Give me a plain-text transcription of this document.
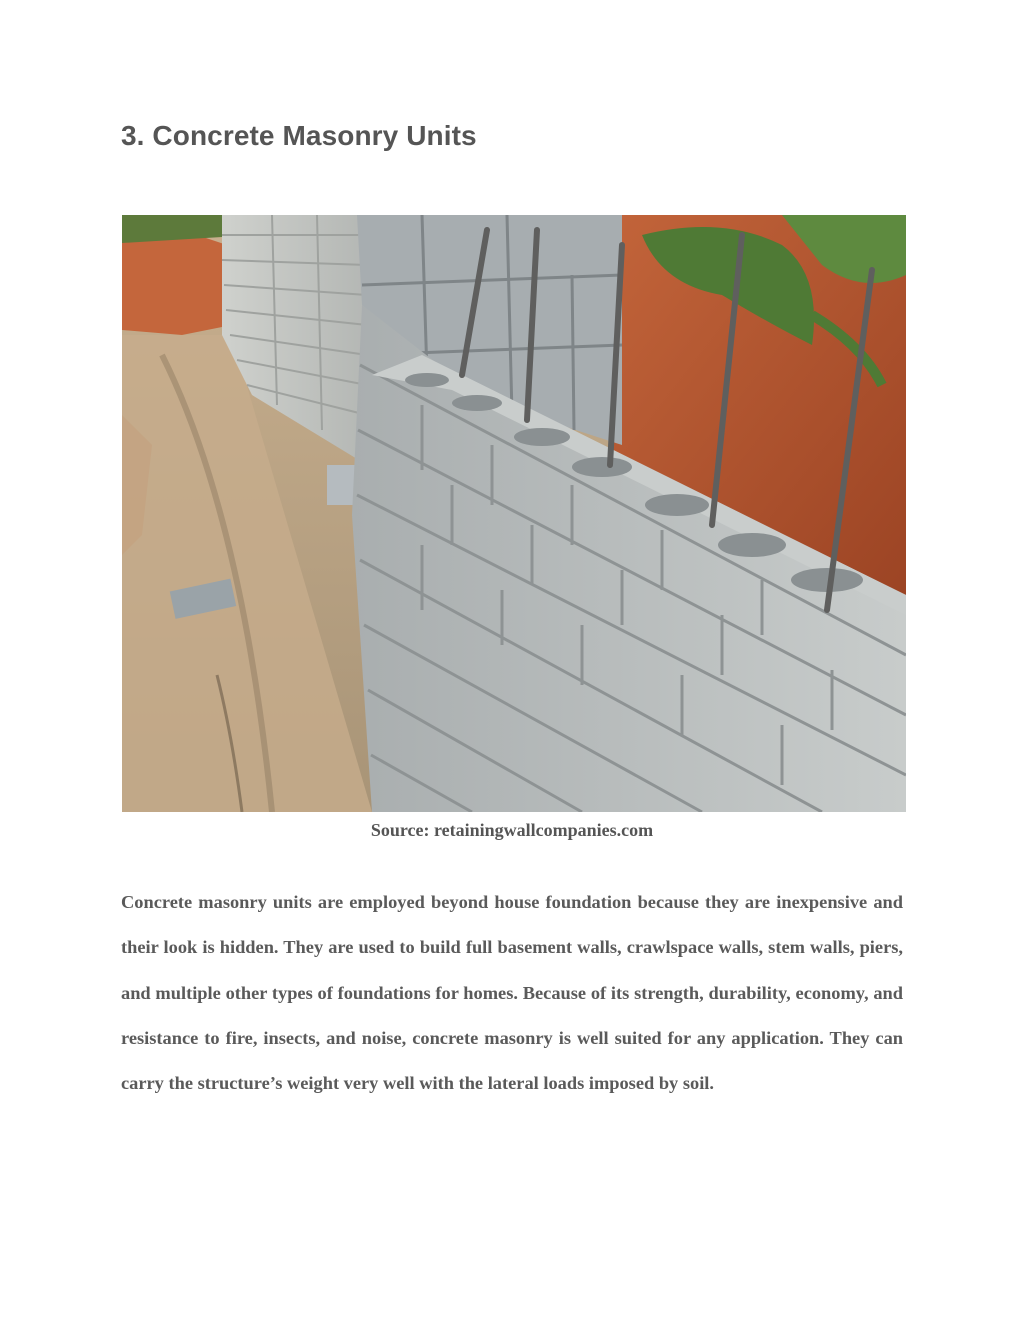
3. Concrete Masonry Units
Source: retainingwallcompanies.com

Concrete masonry units are employed beyond house foundation because they are inexpensive and their look is hidden. They are used to build full basement walls, crawlspace walls, stem walls, piers, and multiple other types of foundations for homes. Because of its strength, durability, economy, and resistance to fire, insects, and noise, concrete masonry is well suited for any application. They can carry the structure’s weight very well with the lateral loads imposed by soil.
